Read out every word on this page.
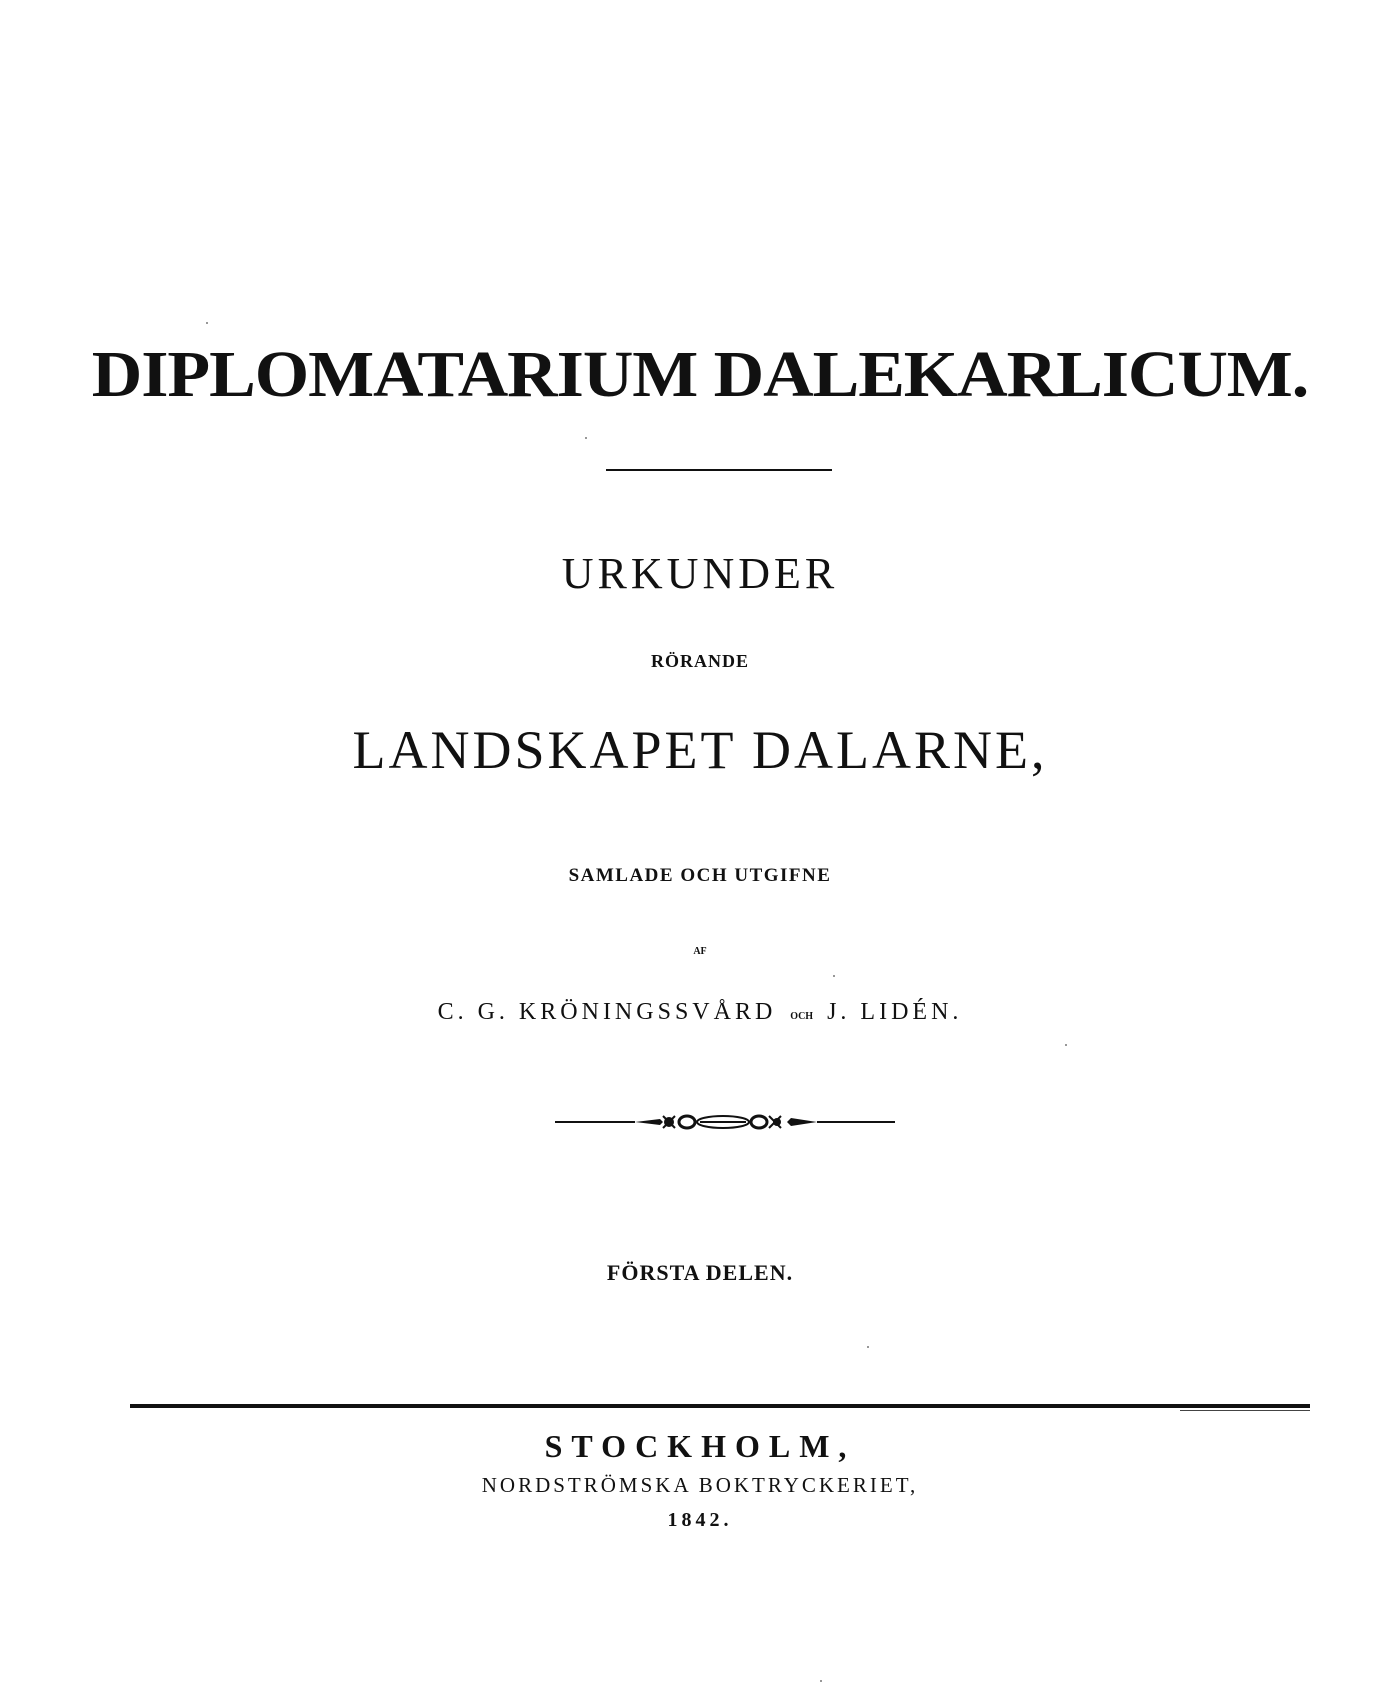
DIPLOMATARIUM DALEKARLICUM.
URKUNDER
RÖRANDE
LANDSKAPET DALARNE,
SAMLADE OCH UTGIFNE
AF
C. G. KRÖNINGSSVÅRD OCH J. LIDÉN.
FÖRSTA DELEN.
STOCKHOLM,
NORDSTRÖMSKA BOKTRYCKERIET,
1842.
